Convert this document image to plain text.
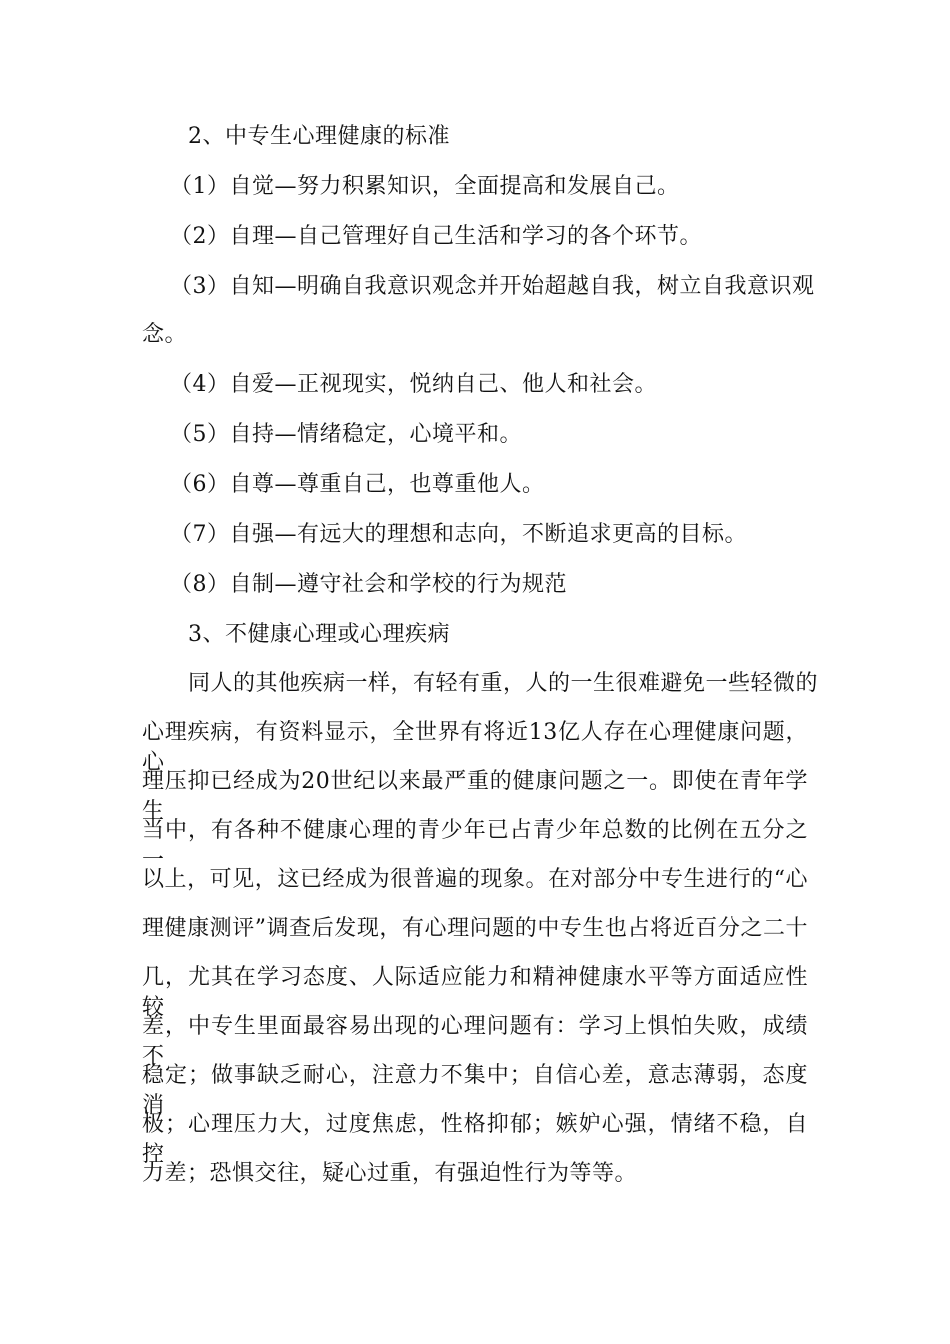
2、中专生心理健康的标准
（1）自觉—努力积累知识，全面提高和发展自己。
（2）自理—自己管理好自己生活和学习的各个环节。
（3）自知—明确自我意识观念并开始超越自我，树立自我意识观
念。
（4）自爱—正视现实，悦纳自己、他人和社会。
（5）自持—情绪稳定，心境平和。
（6）自尊—尊重自己，也尊重他人。
（7）自强—有远大的理想和志向，不断追求更高的目标。
（8）自制—遵守社会和学校的行为规范
3、不健康心理或心理疾病
同人的其他疾病一样，有轻有重，人的一生很难避免一些轻微的
心理疾病，有资料显示，全世界有将近13亿人存在心理健康问题，心
理压抑已经成为20世纪以来最严重的健康问题之一。即使在青年学生
当中，有各种不健康心理的青少年已占青少年总数的比例在五分之一
以上，可见，这已经成为很普遍的现象。在对部分中专生进行的“心
理健康测评”调查后发现，有心理问题的中专生也占将近百分之二十
几，尤其在学习态度、人际适应能力和精神健康水平等方面适应性较
差，中专生里面最容易出现的心理问题有：学习上惧怕失败，成绩不
稳定；做事缺乏耐心，注意力不集中；自信心差，意志薄弱，态度消
极；心理压力大，过度焦虑，性格抑郁；嫉妒心强，情绪不稳，自控
力差；恐惧交往，疑心过重，有强迫性行为等等。
